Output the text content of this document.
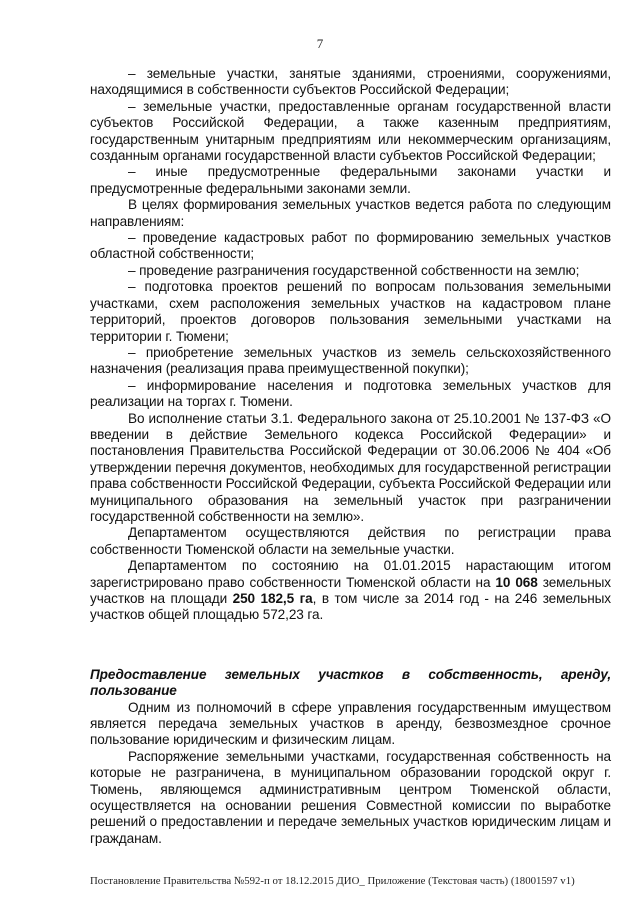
7

– земельные участки, занятые зданиями, строениями, сооружениями, находящимися в собственности субъектов Российской Федерации;

– земельные участки, предоставленные органам государственной власти субъектов Российской Федерации, а также казенным предприятиям, государственным унитарным предприятиям или некоммерческим организациям, созданным органами государственной власти субъектов Российской Федерации;

– иные предусмотренные федеральными законами участки и предусмотренные федеральными законами земли.

В целях формирования земельных участков ведется работа по следующим направлениям:

– проведение кадастровых работ по формированию земельных участков областной собственности;

– проведение разграничения государственной собственности на землю;

– подготовка проектов решений по вопросам пользования земельными участками, схем расположения земельных участков на кадастровом плане территорий, проектов договоров пользования земельными участками на территории г. Тюмени;

– приобретение земельных участков из земель сельскохозяйственного назначения (реализация права преимущественной покупки);

– информирование населения и подготовка земельных участков для реализации на торгах г. Тюмени.

Во исполнение статьи 3.1. Федерального закона от 25.10.2001 № 137-ФЗ «О введении в действие Земельного кодекса Российской Федерации» и постановления Правительства Российской Федерации от 30.06.2006 № 404 «Об утверждении перечня документов, необходимых для государственной регистрации права собственности Российской Федерации, субъекта Российской Федерации или муниципального образования на земельный участок при разграничении государственной собственности на землю».

Департаментом осуществляются действия по регистрации права собственности Тюменской области на земельные участки.

Департаментом по состоянию на 01.01.2015 нарастающим итогом зарегистрировано право собственности Тюменской области на 10 068 земельных участков на площади 250 182,5 га, в том числе за 2014 год - на 246 земельных участков общей площадью 572,23 га.

Предоставление земельных участков в собственность, аренду, пользование

Одним из полномочий в сфере управления государственным имуществом является передача земельных участков в аренду, безвозмездное срочное пользование юридическим и физическим лицам.

Распоряжение земельными участками, государственная собственность на которые не разграничена, в муниципальном образовании городской округ г. Тюмень, являющемся административным центром Тюменской области, осуществляется на основании решения Совместной комиссии по выработке решений о предоставлении и передаче земельных участков юридическим лицам и гражданам.

Постановление Правительства №592-п от 18.12.2015 ДИО_ Приложение (Текстовая часть) (18001597 v1)
